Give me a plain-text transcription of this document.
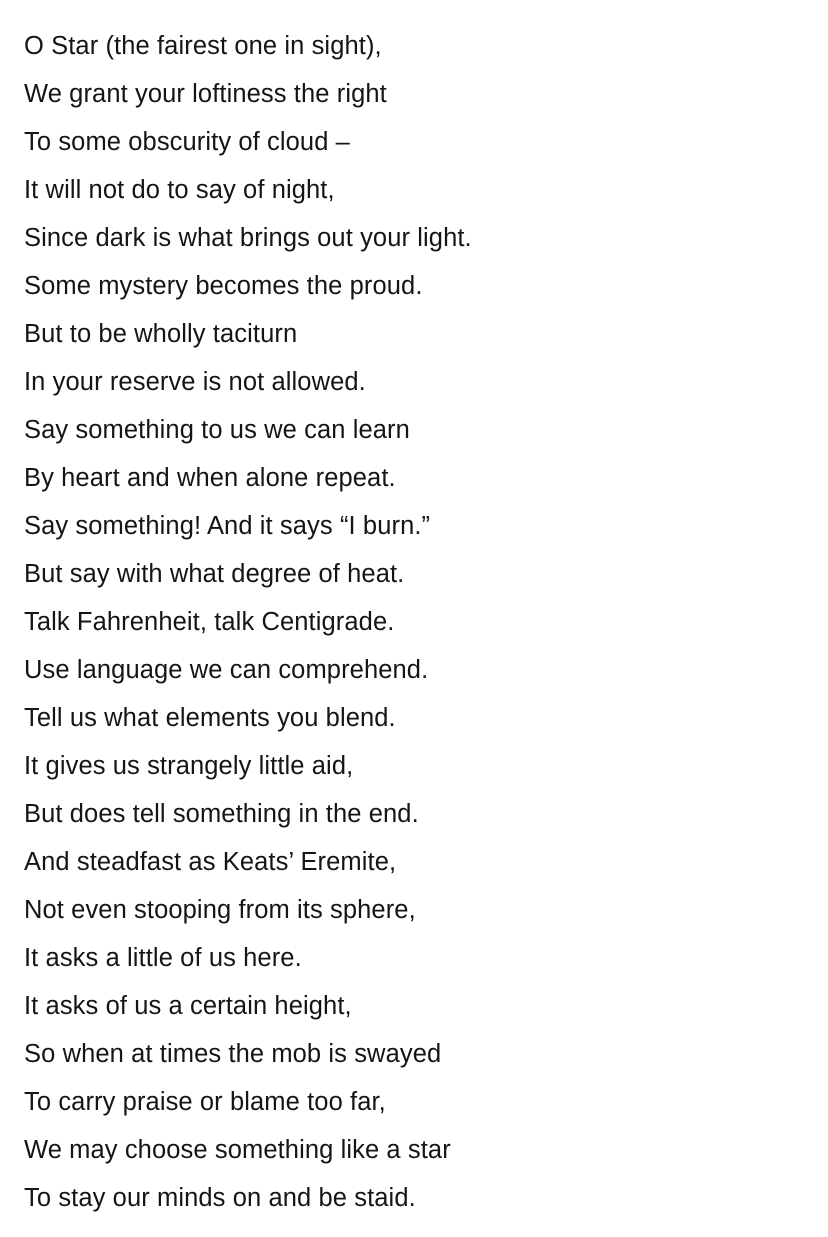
O Star (the fairest one in sight),
We grant your loftiness the right
To some obscurity of cloud –
It will not do to say of night,
Since dark is what brings out your light.
Some mystery becomes the proud.
But to be wholly taciturn
In your reserve is not allowed.
Say something to us we can learn
By heart and when alone repeat.
Say something! And it says “I burn.”
But say with what degree of heat.
Talk Fahrenheit, talk Centigrade.
Use language we can comprehend.
Tell us what elements you blend.
It gives us strangely little aid,
But does tell something in the end.
And steadfast as Keats’ Eremite,
Not even stooping from its sphere,
It asks a little of us here.
It asks of us a certain height,
So when at times the mob is swayed
To carry praise or blame too far,
We may choose something like a star
To stay our minds on and be staid.
